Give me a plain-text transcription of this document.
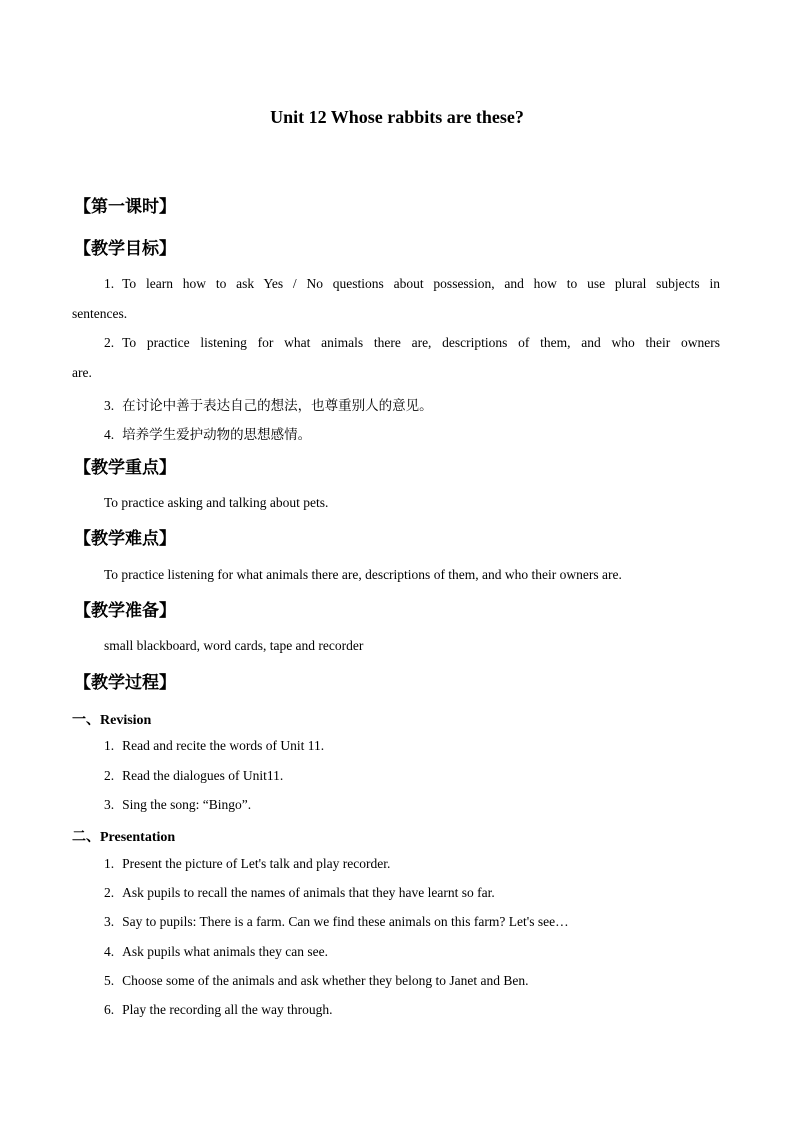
Unit 12 Whose rabbits are these?
【第一课时】
【教学目标】
1. To learn how to ask Yes / No questions about possession, and how to use plural subjects in
sentences.
2. To practice listening for what animals there are, descriptions of them, and who their owners
are.
3. 在讨论中善于表达自己的想法，也尊重别人的意见。
4. 培养学生爱护动物的思想感情。
【教学重点】
To practice asking and talking about pets.
【教学难点】
To practice listening for what animals there are, descriptions of them, and who their owners are.
【教学准备】
small blackboard, word cards, tape and recorder
【教学过程】
一、Revision
1. Read and recite the words of Unit 11.
2. Read the dialogues of Unit11.
3. Sing the song: “Bingo”.
二、Presentation
1. Present the picture of Let's talk and play recorder.
2. Ask pupils to recall the names of animals that they have learnt so far.
3. Say to pupils: There is a farm. Can we find these animals on this farm? Let's see…
4. Ask pupils what animals they can see.
5. Choose some of the animals and ask whether they belong to Janet and Ben.
6. Play the recording all the way through.
